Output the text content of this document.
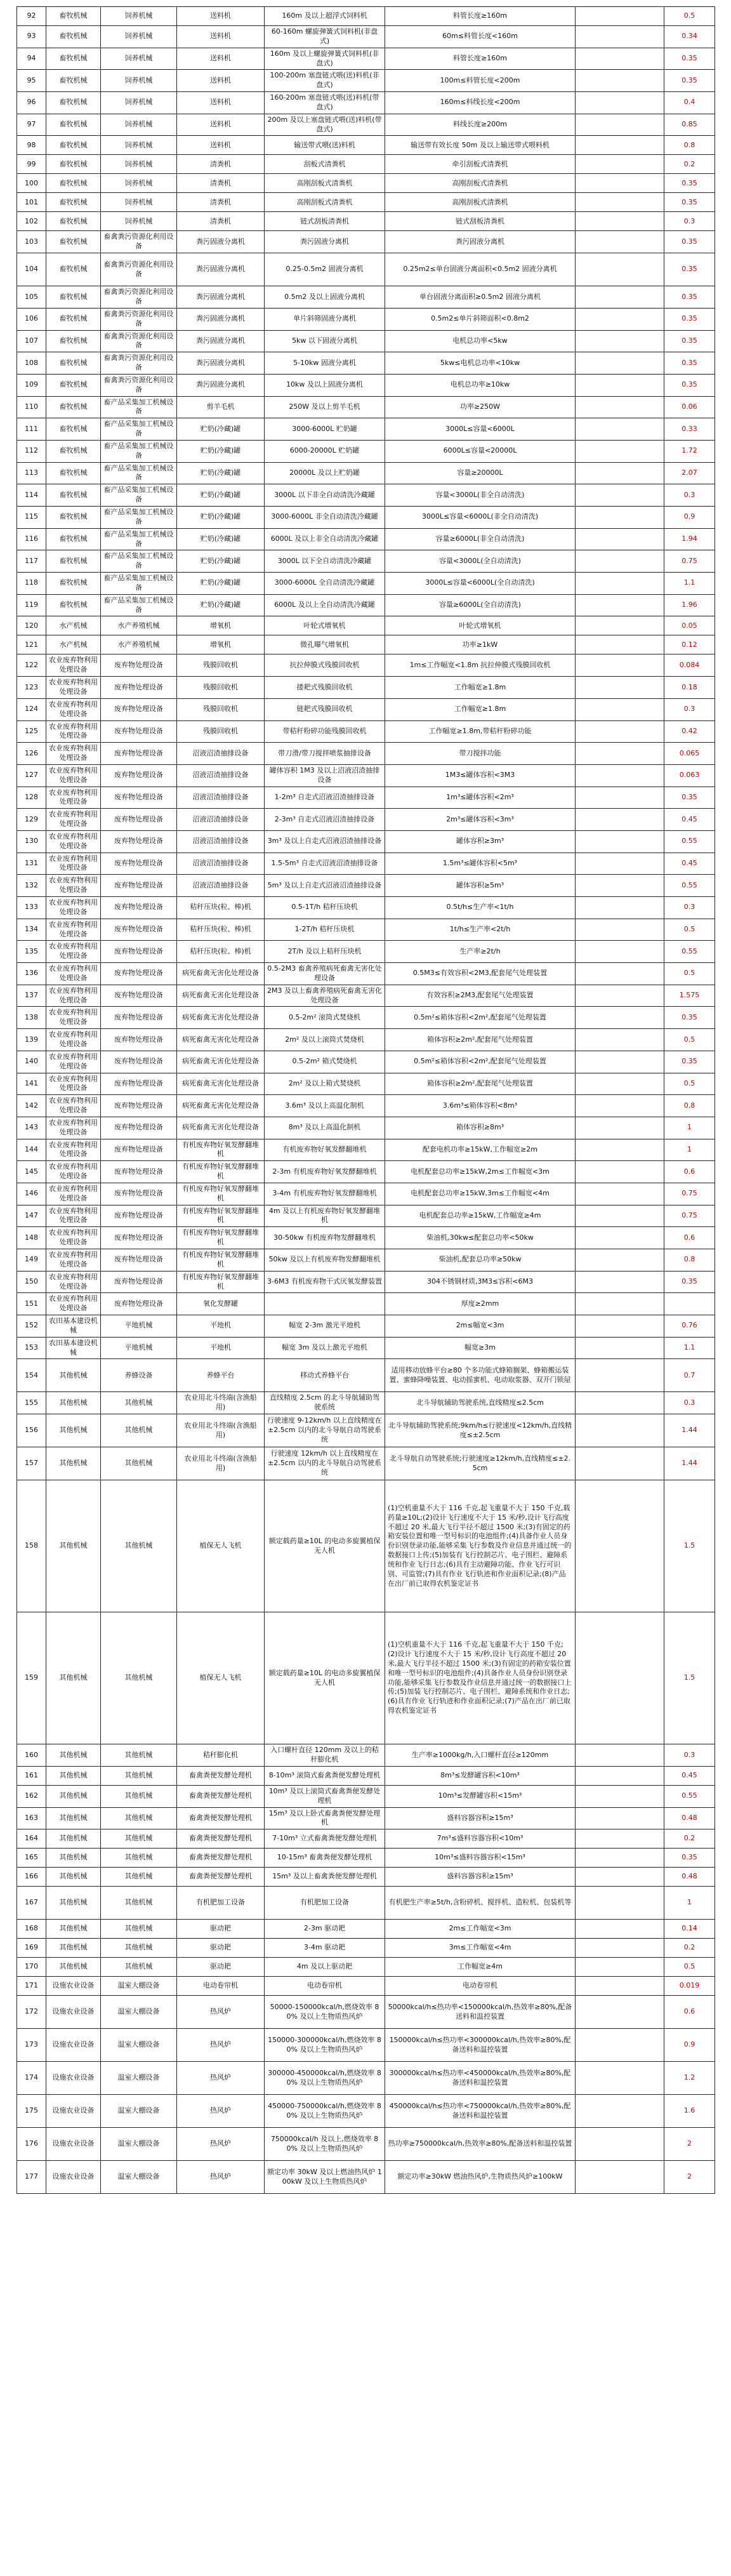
92	畜牧机械	饲养机械	送料机	160m 及以上超浮式饲料机	料管长度≥160m		0.5
93	畜牧机械	饲养机械	送料机	60-160m 螺旋弹簧式饲料机(非盘式)	60m≤料管长度<160m		0.34
94	畜牧机械	饲养机械	送料机	160m 及以上螺旋弹簧式饲料机(非盘式)	料管长度≥160m		0.35
95	畜牧机械	饲养机械	送料机	100-200m 塞盘链式喂(送)料机(非盘式)	100m≤料管长度<200m		0.35
96	畜牧机械	饲养机械	送料机	160-200m 塞盘链式喂(送)料机(带盘式)	160m≤料线长度<200m		0.4
97	畜牧机械	饲养机械	送料机	200m 及以上塞盘链式喂(送)料机(带盘式)	料线长度≥200m		0.85
98	畜牧机械	饲养机械	送料机	输送带式喂(送)料机	输送带有效长度 50m 及以上输送带式喂料机		0.8
99	畜牧机械	饲养机械	清粪机	刮板式清粪机	牵引刮板式清粪机		0.2
100	畜牧机械	饲养机械	清粪机	高刚刮板式清粪机	高刚刮板式清粪机		0.35
101	畜牧机械	饲养机械	清粪机	高刚刮板式清粪机	高刚刮板式清粪机		0.35
102	畜牧机械	饲养机械	清粪机	链式刮板清粪机	链式刮板清粪机		0.3
103	畜牧机械	畜禽粪污资源化利用设备	粪污固液分离机	粪污固液分离机	粪污固液分离机		0.35
104	畜牧机械	畜禽粪污资源化利用设备	粪污固液分离机	0.25-0.5m2 固液分离机	0.25m2≤单台固液分离面积<0.5m2 固液分离机		0.35
105	畜牧机械	畜禽粪污资源化利用设备	粪污固液分离机	0.5m2 及以上固液分离机	单台固液分离面积≥0.5m2 固液分离机		0.35
106	畜牧机械	畜禽粪污资源化利用设备	粪污固液分离机	单片斜筛固液分离机	0.5m2≤单片斜筛面积<0.8m2		0.35
107	畜牧机械	畜禽粪污资源化利用设备	粪污固液分离机	5kw 以下固液分离机	电机总功率<5kw		0.35
108	畜牧机械	畜禽粪污资源化利用设备	粪污固液分离机	5-10kw 固液分离机	5kw≤电机总功率<10kw		0.35
109	畜牧机械	畜禽粪污资源化利用设备	粪污固液分离机	10kw 及以上固液分离机	电机总功率≥10kw		0.35
110	畜牧机械	畜产品采集加工机械设备	剪羊毛机	250W 及以上剪羊毛机	功率≥250W		0.06
111	畜牧机械	畜产品采集加工机械设备	贮奶(冷藏)罐	3000-6000L 贮奶罐	3000L≤容量<6000L		0.33
112	畜牧机械	畜产品采集加工机械设备	贮奶(冷藏)罐	6000-20000L 贮奶罐	6000L≤容量<20000L		1.72
113	畜牧机械	畜产品采集加工机械设备	贮奶(冷藏)罐	20000L 及以上贮奶罐	容量≥20000L		2.07
114	畜牧机械	畜产品采集加工机械设备	贮奶(冷藏)罐	3000L 以下非全自动清洗冷藏罐	容量<3000L(非全自动清洗)		0.3
115	畜牧机械	畜产品采集加工机械设备	贮奶(冷藏)罐	3000-6000L 非全自动清洗冷藏罐	3000L≤容量<6000L(非全自动清洗)		0.9
116	畜牧机械	畜产品采集加工机械设备	贮奶(冷藏)罐	6000L 及以上非全自动清洗冷藏罐	容量≥6000L(非全自动清洗)		1.94
117	畜牧机械	畜产品采集加工机械设备	贮奶(冷藏)罐	3000L 以下全自动清洗冷藏罐	容量<3000L(全自动清洗)		0.75
118	畜牧机械	畜产品采集加工机械设备	贮奶(冷藏)罐	3000-6000L 全自动清洗冷藏罐	3000L≤容量<6000L(全自动清洗)		1.1
119	畜牧机械	畜产品采集加工机械设备	贮奶(冷藏)罐	6000L 及以上全自动清洗冷藏罐	容量≥6000L(全自动清洗)		1.96
120	水产机械	水产养殖机械	增氧机	叶轮式增氧机	叶轮式增氧机		0.05
121	水产机械	水产养殖机械	增氧机	微孔曝气增氧机	功率≥1kW		0.12
122	农业废弃物利用处理设备	废弃物处理设备	残膜回收机	抗拉伸膜式残膜回收机	1m≤工作幅宽<1.8m 抗拉伸膜式残膜回收机		0.084
123	农业废弃物利用处理设备	废弃物处理设备	残膜回收机	搂耙式残膜回收机	工作幅宽≥1.8m		0.18
124	农业废弃物利用处理设备	废弃物处理设备	残膜回收机	链耙式残膜回收机	工作幅宽≥1.8m		0.3
125	农业废弃物利用处理设备	废弃物处理设备	残膜回收机	带秸秆粉碎功能残膜回收机	工作幅宽≥1.8m,带秸秆粉碎功能		0.42
126	农业废弃物利用处理设备	废弃物处理设备	沼液沼渣抽排设备	带刀滑/带刀搅拌喷浆抽排设备	带刀搅拌功能		0.065
127	农业废弃物利用处理设备	废弃物处理设备	沼液沼渣抽排设备	罐体容积 1M3 及以上沼液沼渣抽排设备	1M3≤罐体容积<3M3		0.063
128	农业废弃物利用处理设备	废弃物处理设备	沼液沼渣抽排设备	1-2m³ 自走式沼液沼渣抽排设备	1m³≤罐体容积<2m³		0.35
129	农业废弃物利用处理设备	废弃物处理设备	沼液沼渣抽排设备	2-3m³ 自走式沼液沼渣抽排设备	2m³≤罐体容积<3m³		0.45
130	农业废弃物利用处理设备	废弃物处理设备	沼液沼渣抽排设备	3m³ 及以上自走式沼液沼渣抽排设备	罐体容积≥3m³		0.55
131	农业废弃物利用处理设备	废弃物处理设备	沼液沼渣抽排设备	1.5-5m³ 自走式沼液沼渣抽排设备	1.5m³≤罐体容积<5m³		0.45
132	农业废弃物利用处理设备	废弃物处理设备	沼液沼渣抽排设备	5m³ 及以上自走式沼液沼渣抽排设备	罐体容积≥5m³		0.55
133	农业废弃物利用处理设备	废弃物处理设备	秸秆压块(粒、棒)机	0.5-1T/h 秸秆压块机	0.5t/h≤生产率<1t/h		0.3
134	农业废弃物利用处理设备	废弃物处理设备	秸秆压块(粒、棒)机	1-2T/h 秸秆压块机	1t/h≤生产率<2t/h		0.5
135	农业废弃物利用处理设备	废弃物处理设备	秸秆压块(粒、棒)机	2T/h 及以上秸秆压块机	生产率≥2t/h		0.55
136	农业废弃物利用处理设备	废弃物处理设备	病死畜禽无害化处理设备	0.5-2M3 畜禽养殖病死畜禽无害化处理设备	0.5M3≤有效容积<2M3,配套尾气处理装置		0.5
137	农业废弃物利用处理设备	废弃物处理设备	病死畜禽无害化处理设备	2M3 及以上畜禽养殖病死畜禽无害化处理设备	有效容积≥2M3,配套尾气处理装置		1.575
138	农业废弃物利用处理设备	废弃物处理设备	病死畜禽无害化处理设备	0.5-2m² 滚筒式焚烧机	0.5m²≤箱体容积<2m²,配套尾气处理装置		0.35
139	农业废弃物利用处理设备	废弃物处理设备	病死畜禽无害化处理设备	2m² 及以上滚筒式焚烧机	箱体容积≥2m²,配套尾气处理装置		0.5
140	农业废弃物利用处理设备	废弃物处理设备	病死畜禽无害化处理设备	0.5-2m² 箱式焚烧机	0.5m²≤箱体容积<2m²,配套尾气处理装置		0.35
141	农业废弃物利用处理设备	废弃物处理设备	病死畜禽无害化处理设备	2m² 及以上箱式焚烧机	箱体容积≥2m²,配套尾气处理装置		0.5
142	农业废弃物利用处理设备	废弃物处理设备	病死畜禽无害化处理设备	3.6m³ 及以上高温化制机	3.6m³≤箱体容积<8m³		0.8
143	农业废弃物利用处理设备	废弃物处理设备	病死畜禽无害化处理设备	8m³ 及以上高温化制机	箱体容积≥8m³		1
144	农业废弃物利用处理设备	废弃物处理设备	有机废弃物好氧发酵翻堆机	有机废弃物好氧发酵翻堆机	配套电机功率≥15kW,工作幅宽≥2m		1
145	农业废弃物利用处理设备	废弃物处理设备	有机废弃物好氧发酵翻堆机	2-3m 有机废弃物好氧发酵翻堆机	电机配套总功率≥15kW,2m≤工作幅宽<3m		0.6
146	农业废弃物利用处理设备	废弃物处理设备	有机废弃物好氧发酵翻堆机	3-4m 有机废弃物好氧发酵翻堆机	电机配套总功率≥15kW,3m≤工作幅宽<4m		0.75
147	农业废弃物利用处理设备	废弃物处理设备	有机废弃物好氧发酵翻堆机	4m 及以上有机废弃物好氧发酵翻堆机	电机配套总功率≥15kW,工作幅宽≥4m		0.75
148	农业废弃物利用处理设备	废弃物处理设备	有机废弃物好氧发酵翻堆机	30-50kw 有机废弃物发酵翻堆机	柴油机,30kw≤配套总功率<50kw		0.6
149	农业废弃物利用处理设备	废弃物处理设备	有机废弃物好氧发酵翻堆机	50kw 及以上有机废弃物发酵翻堆机	柴油机,配套总功率≥50kw		0.8
150	农业废弃物利用处理设备	废弃物处理设备	有机废弃物好氧发酵翻堆机	3-6M3 有机废弃物干式厌氧发酵装置	304不锈钢材质,3M3≤容积<6M3		0.35
151	农业废弃物利用处理设备	废弃物处理设备	氧化发酵罐		厚度≥2mm		
152	农田基本建设机械	平地机械	平地机	幅宽 2-3m 激光平地机	2m≤幅宽<3m		0.76
153	农田基本建设机械	平地机械	平地机	幅宽 3m 及以上激光平地机	幅宽≥3m		1.1
154	其他机械	养蜂设备	养蜂平台	移动式养蜂平台	适用移动放蜂平台≥80 个多功能式蜂箱搁架、蜂箱搬运装置、蜜蜂降噪装置、电动摇蜜机、电动取浆器、双开门锁屋		0.7
155	其他机械	其他机械	农业用北斗终端(含渔船用)	直线精度 2.5cm 的北斗导航辅助驾驶系统	北斗导航辅助驾驶系统,直线精度≤2.5cm		0.3
156	其他机械	其他机械	农业用北斗终端(含渔船用)	行驶速度 9-12km/h 以上直线精度在±2.5cm 以内的北斗导航自动驾驶系统	北斗导航辅助驾驶系统;9km/h≤行驶速度<12km/h,直线精度≤±2.5cm		1.44
157	其他机械	其他机械	农业用北斗终端(含渔船用)	行驶速度 12km/h 以上直线精度在±2.5cm 以内的北斗导航自动驾驶系统	北斗导航自动驾驶系统;行驶速度≥12km/h,直线精度≤±2.5cm		1.44
158	其他机械	其他机械	植保无人飞机	额定载药量≥10L 的电动多旋翼植保无人机	(1)空机重量不大于 116 千克,起飞重量不大于 150 千克,载药量≥10L;(2)设计飞行速度不大于 15 米/秒,设计飞行高度不超过 20 米,最大飞行半径不超过 1500 米;(3)有固定的药箱安装位置和唯一型号标识的电池组件;(4)具备作业人员身份识别登录功能,能够采集飞行参数及作业信息并通过统一的数据接口上传;(5)加装有飞行控制芯片、电子围栏、避障系统和作业飞行日志;(6)具有主动避障功能、作业飞行可识别、可监管;(7)具有作业飞行轨迹和作业面积记录;(8)产品在出厂前已取得农机鉴定证书		1.5
159	其他机械	其他机械	植保无人飞机	额定载药量≥10L 的电动多旋翼植保无人机	(1)空机重量不大于 116 千克,起飞重量不大于 150 千克;(2)设计飞行速度不大于 15 米/秒,设计飞行高度不超过 20 米,最大飞行半径不超过 1500 米;(3)有固定的药箱安装位置和唯一型号标识的电池组件;(4)具备作业人员身份识别登录功能,能够采集飞行参数及作业信息并通过统一的数据接口上传;(5)加装飞行控制芯片、电子围栏、避障系统和作业日志;(6)具有作业飞行轨迹和作业面积记录;(7)产品在出厂前已取得农机鉴定证书		1.5
160	其他机械	其他机械	秸秆膨化机	入口螺杆直径 120mm 及以上的秸秆膨化机	生产率≥1000kg/h,入口螺杆直径≥120mm		0.3
161	其他机械	其他机械	畜禽粪便发酵处理机	8-10m³ 滚筒式畜禽粪便发酵处理机	8m³≤发酵罐容积<10m³		0.45
162	其他机械	其他机械	畜禽粪便发酵处理机	10m³ 及以上滚筒式畜禽粪便发酵处理机	10m³≤发酵罐容积<15m³		0.55
163	其他机械	其他机械	畜禽粪便发酵处理机	15m³ 及以上卧式畜禽粪便发酵处理机	盛料容器容积≥15m³		0.48
164	其他机械	其他机械	畜禽粪便发酵处理机	7-10m³ 立式畜禽粪便发酵处理机	7m³≤盛料容器容积<10m³		0.2
165	其他机械	其他机械	畜禽粪便发酵处理机	10-15m³ 畜禽粪便发酵处理机	10m³≤盛料容器容积<15m³		0.35
166	其他机械	其他机械	畜禽粪便发酵处理机	15m³ 及以上畜禽粪便发酵处理机	盛料容器容积≥15m³		0.48
167	其他机械	其他机械	有机肥加工设备	有机肥加工设备	有机肥生产率≥5t/h,含粉碎机、搅拌机、造粒机、包装机等		1
168	其他机械	其他机械	驱动耙	2-3m 驱动耙	2m≤工作幅宽<3m		0.14
169	其他机械	其他机械	驱动耙	3-4m 驱动耙	3m≤工作幅宽<4m		0.2
170	其他机械	其他机械	驱动耙	4m 及以上驱动耙	工作幅宽≥4m		0.5
171	设施农业设备	温室大棚设备	电动卷帘机	电动卷帘机	电动卷帘机		0.019
172	设施农业设备	温室大棚设备	热风炉	50000-150000kcal/h,燃烧效率 80% 及以上生物质热风炉	50000kcal/h≤热功率<150000kcal/h,热效率≥80%,配备送料和温控装置		0.6
173	设施农业设备	温室大棚设备	热风炉	150000-300000kcal/h,燃烧效率 80% 及以上生物质热风炉	150000kcal/h≤热功率<300000kcal/h,热效率≥80%,配备送料和温控装置		0.9
174	设施农业设备	温室大棚设备	热风炉	300000-450000kcal/h,燃烧效率 80% 及以上生物质热风炉	300000kcal/h≤热功率<450000kcal/h,热效率≥80%,配备送料和温控装置		1.2
175	设施农业设备	温室大棚设备	热风炉	450000-750000kcal/h,燃烧效率 80% 及以上生物质热风炉	450000kcal/h≤热功率<750000kcal/h,热效率≥80%,配备送料和温控装置		1.6
176	设施农业设备	温室大棚设备	热风炉	750000kcal/h 及以上,燃烧效率 80% 及以上生物质热风炉	热功率≥750000kcal/h,热效率≥80%,配备送料和温控装置		2
177	设施农业设备	温室大棚设备	热风炉	额定功率 30kW 及以上燃油热风炉 100kW 及以上生物质热风炉	额定功率≥30kW 燃油热风炉,生物质热风炉≥100kW		2
